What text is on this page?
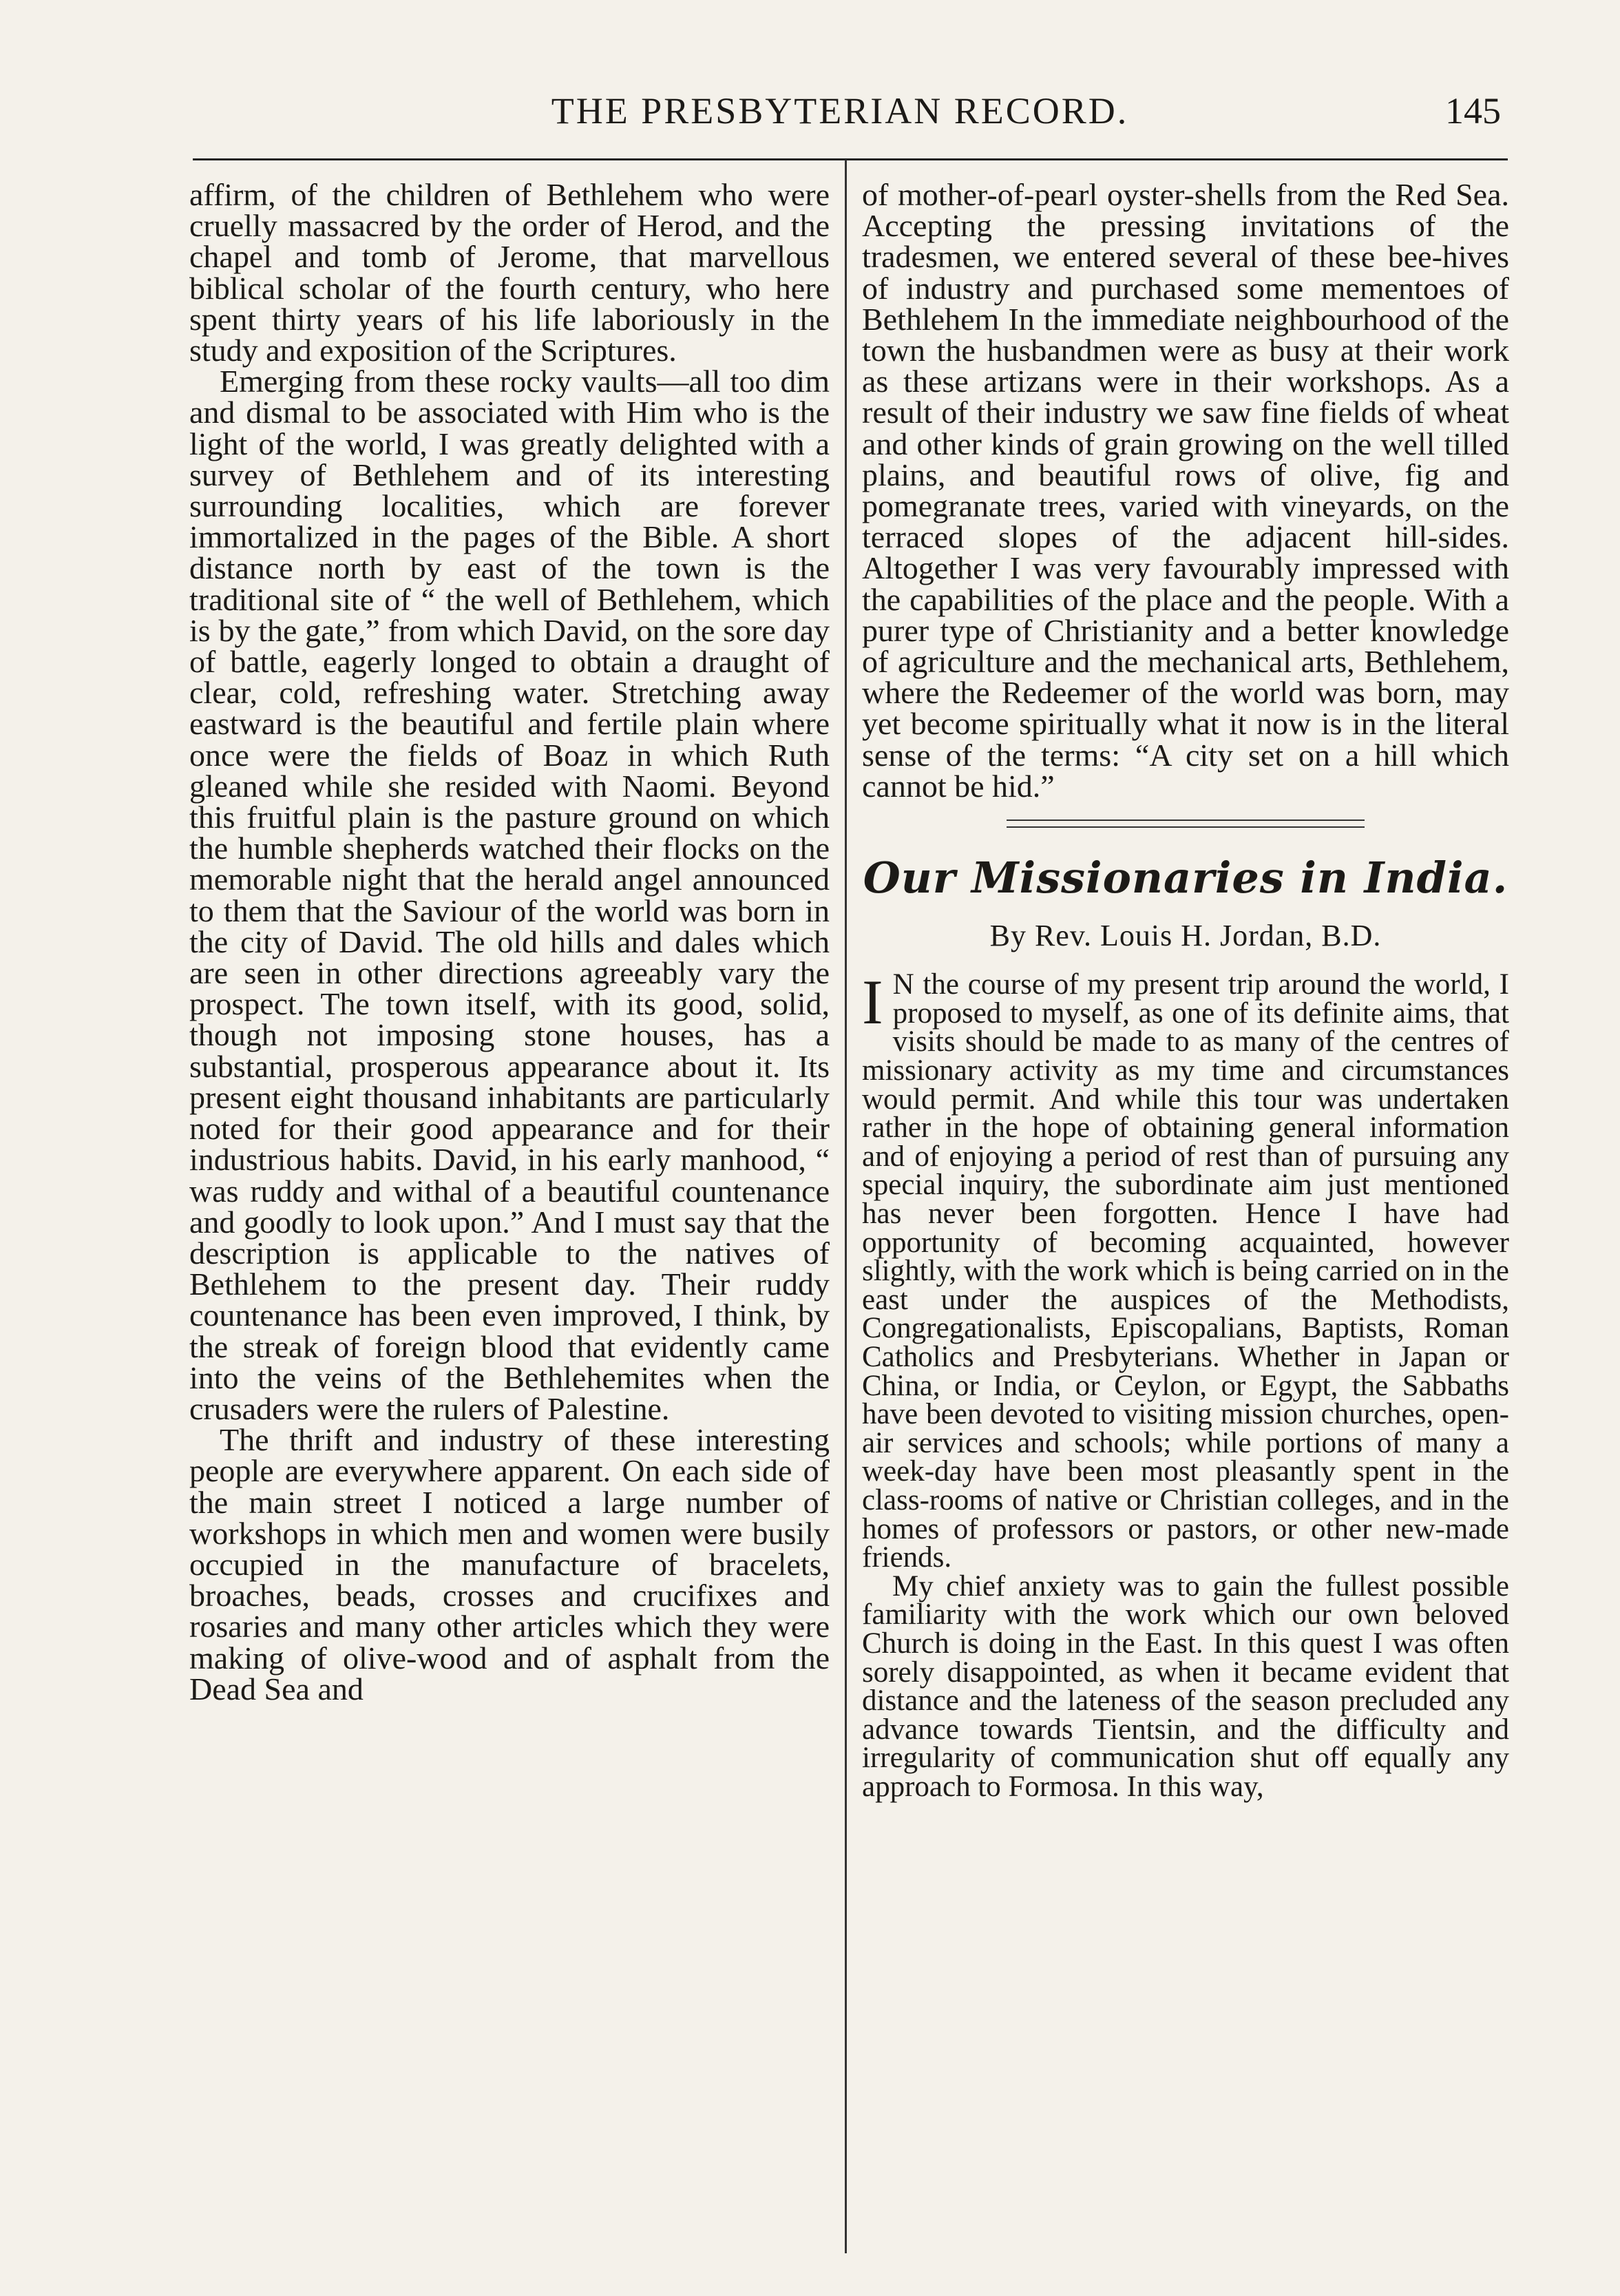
THE PRESBYTERIAN RECORD.	145

affirm, of the children of Bethlehem who were cruelly massacred by the order of Herod, and the chapel and tomb of Jerome, that marvellous biblical scholar of the fourth century, who here spent thirty years of his life laboriously in the study and exposition of the Scriptures.

Emerging from these rocky vaults—all too dim and dismal to be associated with Him who is the light of the world, I was greatly delighted with a survey of Bethlehem and of its interesting surrounding localities, which are forever immortalized in the pages of the Bible. A short distance north by east of the town is the traditional site of “ the well of Bethlehem, which is by the gate,” from which David, on the sore day of battle, eagerly longed to obtain a draught of clear, cold, refreshing water. Stretching away eastward is the beautiful and fertile plain where once were the fields of Boaz in which Ruth gleaned while she resided with Naomi. Beyond this fruitful plain is the pasture ground on which the humble shepherds watched their flocks on the memorable night that the herald angel announced to them that the Saviour of the world was born in the city of David. The old hills and dales which are seen in other directions agreeably vary the prospect. The town itself, with its good, solid, though not imposing stone houses, has a substantial, prosperous appearance about it. Its present eight thousand inhabitants are particularly noted for their good appearance and for their industrious habits. David, in his early manhood, “ was ruddy and withal of a beautiful countenance and goodly to look upon.” And I must say that the description is applicable to the natives of Bethlehem to the present day. Their ruddy countenance has been even improved, I think, by the streak of foreign blood that evidently came into the veins of the Bethlehemites when the crusaders were the rulers of Palestine.

The thrift and industry of these interesting people are everywhere apparent. On each side of the main street I noticed a large number of workshops in which men and women were busily occupied in the manufacture of bracelets, broaches, beads, crosses and crucifixes and rosaries and many other articles which they were making of olive-wood and of asphalt from the Dead Sea and

of mother-of-pearl oyster-shells from the Red Sea. Accepting the pressing invitations of the tradesmen, we entered several of these bee-hives of industry and purchased some mementoes of Bethlehem In the immediate neighbourhood of the town the husbandmen were as busy at their work as these artizans were in their workshops. As a result of their industry we saw fine fields of wheat and other kinds of grain growing on the well tilled plains, and beautiful rows of olive, fig and pomegranate trees, varied with vineyards, on the terraced slopes of the adjacent hill-sides. Altogether I was very favourably impressed with the capabilities of the place and the people. With a purer type of Christianity and a better knowledge of agriculture and the mechanical arts, Bethlehem, where the Redeemer of the world was born, may yet become spiritually what it now is in the literal sense of the terms: “A city set on a hill which cannot be hid.”

Our Missionaries in India.
By Rev. Louis H. Jordan, B.D.

I N the course of my present trip around the world, I proposed to myself, as one of its definite aims, that visits should be made to as many of the centres of missionary activity as my time and circumstances would permit. And while this tour was undertaken rather in the hope of obtaining general information and of enjoying a period of rest than of pursuing any special inquiry, the subordinate aim just mentioned has never been forgotten. Hence I have had opportunity of becoming acquainted, however slightly, with the work which is being carried on in the east under the auspices of the Methodists, Congregationalists, Episcopalians, Baptists, Roman Catholics and Presbyterians. Whether in Japan or China, or India, or Ceylon, or Egypt, the Sabbaths have been devoted to visiting mission churches, open-air services and schools; while portions of many a week-day have been most pleasantly spent in the class-rooms of native or Christian colleges, and in the homes of professors or pastors, or other new-made friends.

My chief anxiety was to gain the fullest possible familiarity with the work which our own beloved Church is doing in the East. In this quest I was often sorely disappointed, as when it became evident that distance and the lateness of the season precluded any advance towards Tientsin, and the difficulty and irregularity of communication shut off equally any approach to Formosa. In this way,
